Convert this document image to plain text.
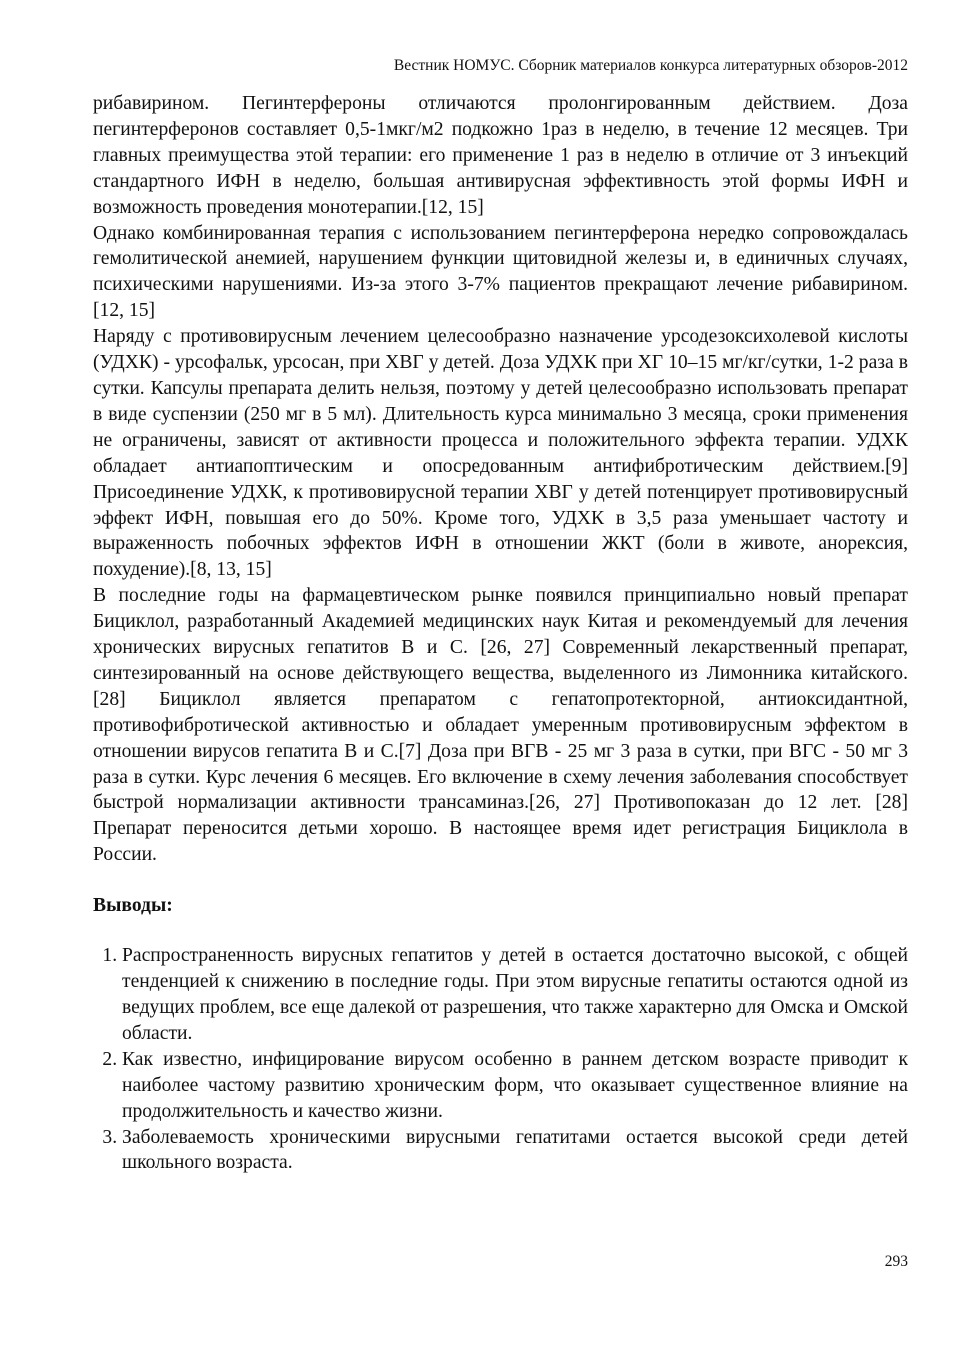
Вестник НОМУС. Сборник материалов конкурса литературных обзоров-2012

рибавирином. Пегинтерфероны отличаются пролонгированным действием. Доза пегинтерферонов составляет 0,5-1мкг/м2 подкожно 1раз в неделю, в течение 12 месяцев. Три главных преимущества этой терапии: его применение 1 раз в неделю в отличие от 3 инъекций стандартного ИФН в неделю, большая антивирусная эффективность этой формы ИФН и возможность проведения монотерапии.[12, 15]

Однако комбинированная терапия с использованием пегинтерферона нередко сопровождалась гемолитической анемией, нарушением функции щитовидной железы и, в единичных случаях, психическими нарушениями. Из-за этого 3-7% пациентов прекращают лечение рибавирином. [12, 15]

Наряду с противовирусным лечением целесообразно назначение урсодезоксихолевой кислоты (УДХК) - урсофальк, урсосан, при ХВГ у детей. Доза УДХК при ХГ 10–15 мг/кг/сутки, 1-2 раза в сутки. Капсулы препарата делить нельзя, поэтому у детей целесообразно использовать препарат в виде суспензии (250 мг в 5 мл). Длительность курса минимально 3 месяца, сроки применения не ограничены, зависят от активности процесса и положительного эффекта терапии. УДХК обладает антиапоптическим и опосредованным антифибротическим действием.[9] Присоединение УДХК, к противовирусной терапии ХВГ у детей потенцирует противовирусный эффект ИФН, повышая его до 50%. Кроме того, УДХК в 3,5 раза уменьшает частоту и выраженность побочных эффектов ИФН в отношении ЖКТ (боли в животе, анорексия, похудение).[8, 13, 15]

В последние годы на фармацевтическом рынке появился принципиально новый препарат Бициклол, разработанный Академией медицинских наук Китая и рекомендуемый для лечения хронических вирусных гепатитов В и С. [26, 27] Современный лекарственный препарат, синтезированный на основе действующего вещества, выделенного из Лимонника китайского.[28] Бициклол является препаратом с гепатопротекторной, антиоксидантной, противофибротической активностью и обладает умеренным противовирусным эффектом в отношении вирусов гепатита В и С.[7] Доза при ВГВ - 25 мг 3 раза в сутки, при ВГС - 50 мг 3 раза в сутки. Курс лечения 6 месяцев. Его включение в схему лечения заболевания способствует быстрой нормализации активности трансаминаз.[26, 27] Противопоказан до 12 лет. [28] Препарат переносится детьми хорошо. В настоящее время идет регистрация Бициклола в России.

Выводы:
1. Распространенность вирусных гепатитов у детей в остается достаточно высокой, с общей тенденцией к снижению в последние годы. При этом вирусные гепатиты остаются одной из ведущих проблем, все еще далекой от разрешения, что также характерно для Омска и Омской области.
2. Как известно, инфицирование вирусом особенно в раннем детском возрасте приводит к наиболее частому развитию хроническим форм, что оказывает существенное влияние на продолжительность и качество жизни.
3. Заболеваемость хроническими вирусными гепатитами остается высокой среди детей школьного возраста.
293
